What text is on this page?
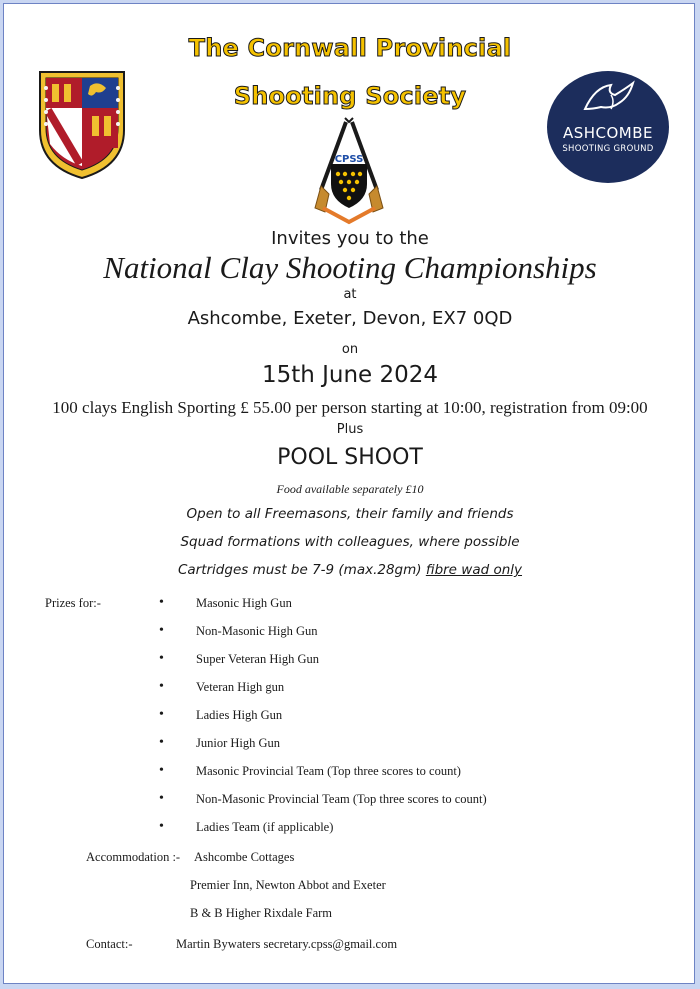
The Cornwall Provincial
Shooting Society
CPSS
ASHCOMBE
SHOOTING GROUND
Invites you to the
National Clay Shooting Championships
at
Ashcombe, Exeter, Devon, EX7 0QD
on
15th June 2024
100 clays English Sporting £ 55.00 per person starting at 10:00, registration from 09:00
Plus
POOL SHOOT
Food available separately £10
Open to all Freemasons, their family and friends
Squad formations with colleagues, where possible
Cartridges must be 7-9 (max.28gm) fibre wad only
Prizes for:-	•	Masonic High Gun
•	Non-Masonic High Gun
•	Super Veteran High Gun
•	Veteran High gun
•	Ladies High Gun
•	Junior High Gun
•	Masonic Provincial Team (Top three scores to count)
•	Non-Masonic Provincial Team (Top three scores to count)
•	Ladies Team (if applicable)
Accommodation :- Ashcombe Cottages
Premier Inn, Newton Abbot and Exeter
B & B Higher Rixdale Farm
Contact:-	Martin Bywaters secretary.cpss@gmail.com
